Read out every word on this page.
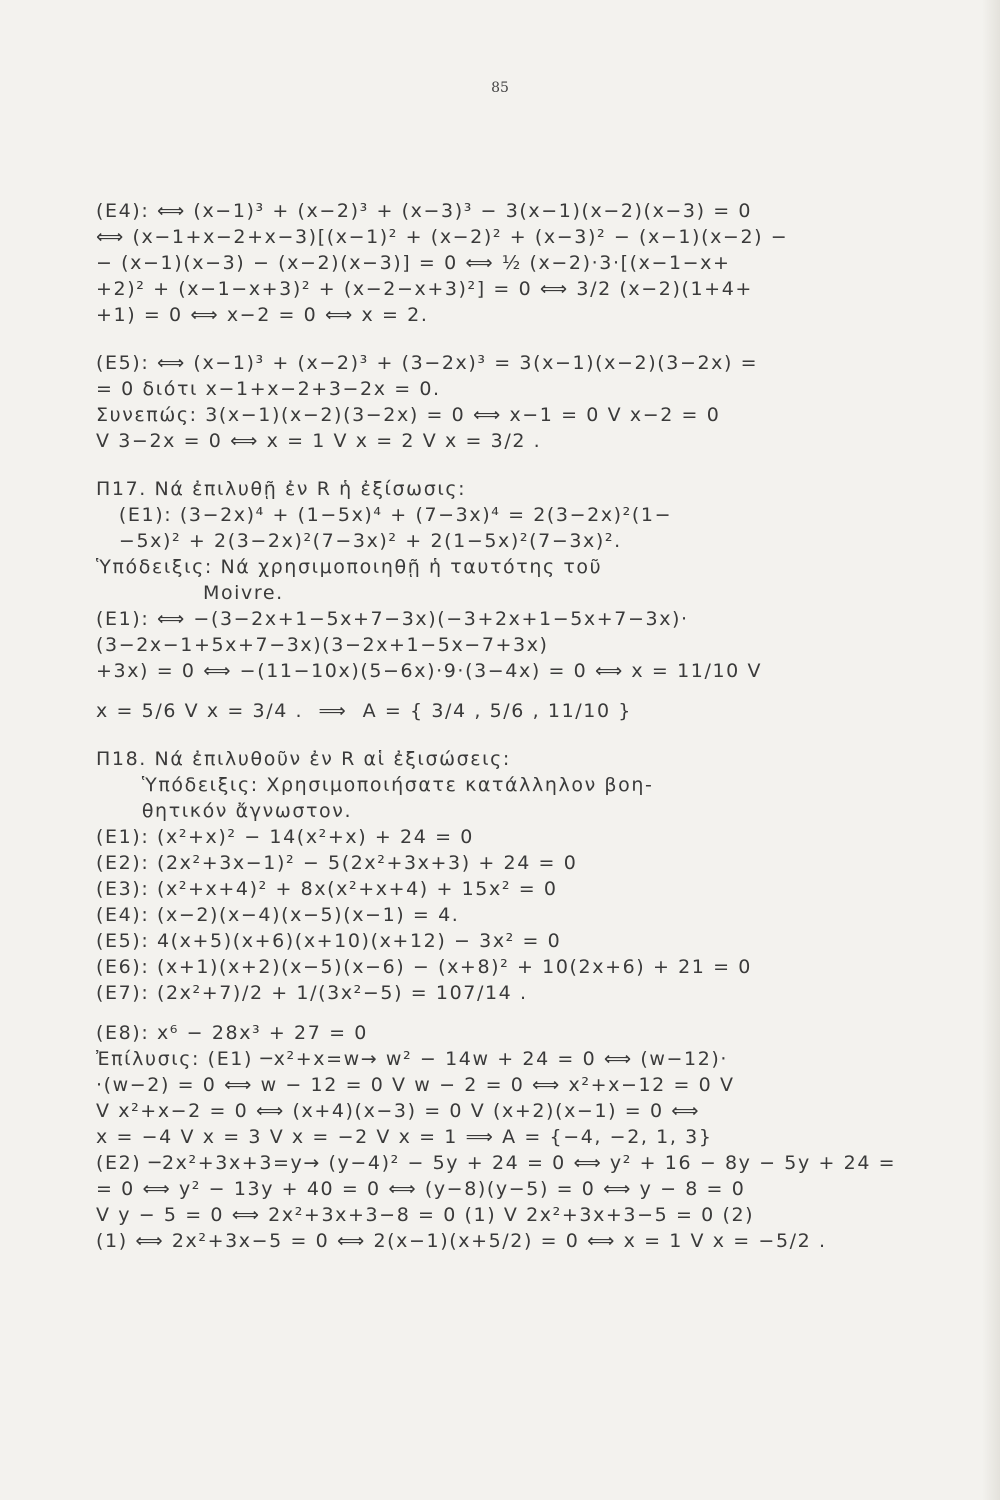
85
(E4): ⟺ (x−1)³ + (x−2)³ + (x−3)³ − 3(x−1)(x−2)(x−3) = 0
⟺ (x−1+x−2+x−3)[(x−1)² + (x−2)² + (x−3)² − (x−1)(x−2) −
− (x−1)(x−3) − (x−2)(x−3)] = 0 ⟺ ½ (x−2)·3·[(x−1−x+
+2)² + (x−1−x+3)² + (x−2−x+3)²] = 0 ⟺ 3/2 (x−2)(1+4+
+1) = 0 ⟺ x−2 = 0 ⟺ x = 2.
(E5): ⟺ (x−1)³ + (x−2)³ + (3−2x)³ = 3(x−1)(x−2)(3−2x) =
= 0 διότι x−1+x−2+3−2x = 0.
Συνεπώς: 3(x−1)(x−2)(3−2x) = 0 ⟺ x−1 = 0 V x−2 = 0
V 3−2x = 0 ⟺ x = 1 V x = 2 V x = 3/2 .
Π17. Νά ἐπιλυθῇ ἐν R ἡ ἐξίσωσις:
(E1): (3−2x)⁴ + (1−5x)⁴ + (7−3x)⁴ = 2(3−2x)²(1−
−5x)² + 2(3−2x)²(7−3x)² + 2(1−5x)²(7−3x)².
Ὑπόδειξις: Νά χρησιμοποιηθῇ ἡ ταυτότης τοῦ
Moivre.
(E1): ⟺ −(3−2x+1−5x+7−3x)(−3+2x+1−5x+7−3x)·
(3−2x−1+5x+7−3x)(3−2x+1−5x−7+3x)
+3x) = 0 ⟺ −(11−10x)(5−6x)·9·(3−4x) = 0 ⟺ x = 11/10 V
x = 5/6 V x = 3/4 .  ⟹  A = { 3/4 , 5/6 , 11/10 }
Π18. Νά ἐπιλυθοῦν ἐν R αἱ ἐξισώσεις:
Ὑπόδειξις: Χρησιμοποιήσατε κατάλληλον βοη-
θητικόν ἄγνωστον.
(E1): (x²+x)² − 14(x²+x) + 24 = 0
(E2): (2x²+3x−1)² − 5(2x²+3x+3) + 24 = 0
(E3): (x²+x+4)² + 8x(x²+x+4) + 15x² = 0
(E4): (x−2)(x−4)(x−5)(x−1) = 4.
(E5): 4(x+5)(x+6)(x+10)(x+12) − 3x² = 0
(E6): (x+1)(x+2)(x−5)(x−6) − (x+8)² + 10(2x+6) + 21 = 0
(E7): (2x²+7)/2 + 1/(3x²−5) = 107/14 .
(E8): x⁶ − 28x³ + 27 = 0
Ἐπίλυσις: (E1) ─x²+x=w→ w² − 14w + 24 = 0 ⟺ (w−12)·
·(w−2) = 0 ⟺ w − 12 = 0 V w − 2 = 0 ⟺ x²+x−12 = 0 V
V x²+x−2 = 0 ⟺ (x+4)(x−3) = 0 V (x+2)(x−1) = 0 ⟺
x = −4 V x = 3 V x = −2 V x = 1 ⟹ A = {−4, −2, 1, 3}
(E2) ─2x²+3x+3=y→ (y−4)² − 5y + 24 = 0 ⟺ y² + 16 − 8y − 5y + 24 =
= 0 ⟺ y² − 13y + 40 = 0 ⟺ (y−8)(y−5) = 0 ⟺ y − 8 = 0
V y − 5 = 0 ⟺ 2x²+3x+3−8 = 0 (1) V 2x²+3x+3−5 = 0 (2)
(1) ⟺ 2x²+3x−5 = 0 ⟺ 2(x−1)(x+5/2) = 0 ⟺ x = 1 V x = −5/2 .
